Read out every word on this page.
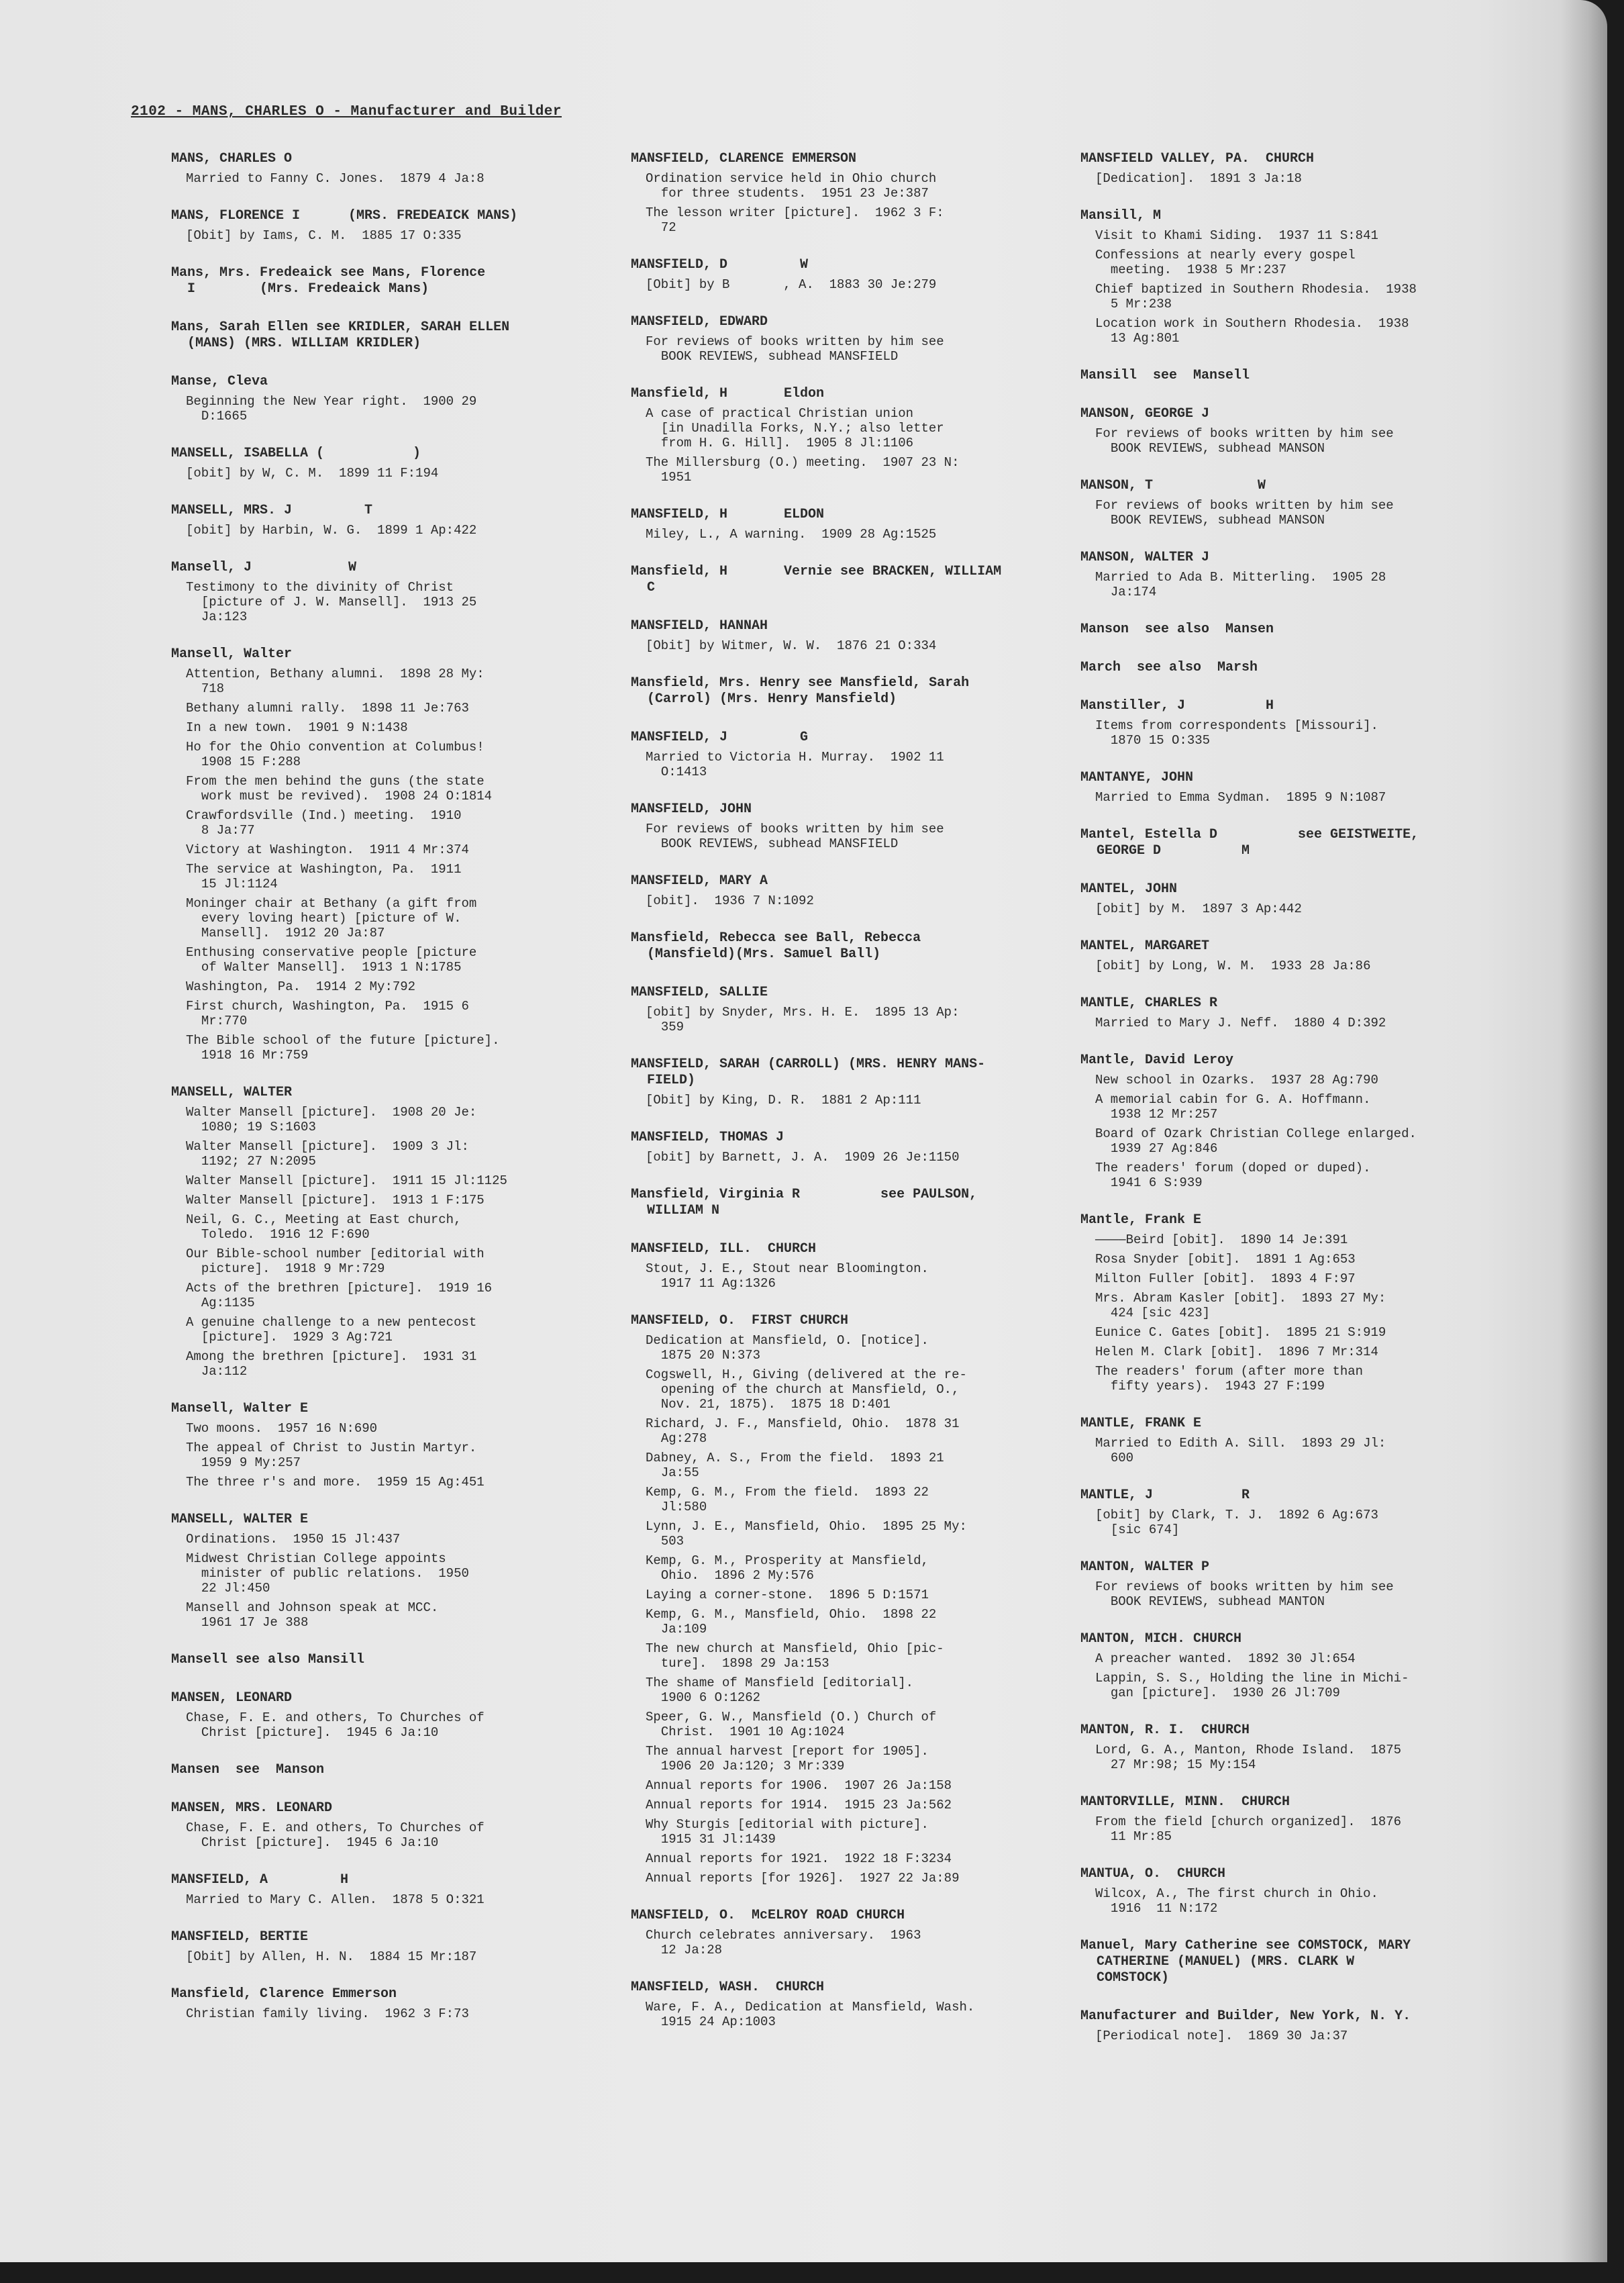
2102 - MANS, CHARLES O - Manufacturer and Builder
MANS, CHARLES O
Married to Fanny C. Jones.  1879 4 Ja:8
MANS, FLORENCE I      (MRS. FREDEAICK MANS)
[Obit] by Iams, C. M.  1885 17 O:335
Mans, Mrs. Fredeaick see Mans, Florence
I        (Mrs. Fredeaick Mans)
Mans, Sarah Ellen see KRIDLER, SARAH ELLEN
(MANS) (MRS. WILLIAM KRIDLER)
Manse, Cleva
Beginning the New Year right.  1900 29
D:1665
MANSELL, ISABELLA (           )
[obit] by W, C. M.  1899 11 F:194
MANSELL, MRS. J         T
[obit] by Harbin, W. G.  1899 1 Ap:422
Mansell, J            W
Testimony to the divinity of Christ
[picture of J. W. Mansell].  1913 25
Ja:123
Mansell, Walter
Attention, Bethany alumni.  1898 28 My:
718
Bethany alumni rally.  1898 11 Je:763
In a new town.  1901 9 N:1438
Ho for the Ohio convention at Columbus!
1908 15 F:288
From the men behind the guns (the state
work must be revived).  1908 24 O:1814
Crawfordsville (Ind.) meeting.  1910
8 Ja:77
Victory at Washington.  1911 4 Mr:374
The service at Washington, Pa.  1911
15 Jl:1124
Moninger chair at Bethany (a gift from
every loving heart) [picture of W.
Mansell].  1912 20 Ja:87
Enthusing conservative people [picture
of Walter Mansell].  1913 1 N:1785
Washington, Pa.  1914 2 My:792
First church, Washington, Pa.  1915 6
Mr:770
The Bible school of the future [picture].
1918 16 Mr:759
MANSELL, WALTER
Walter Mansell [picture].  1908 20 Je:
1080; 19 S:1603
Walter Mansell [picture].  1909 3 Jl:
1192; 27 N:2095
Walter Mansell [picture].  1911 15 Jl:1125
Walter Mansell [picture].  1913 1 F:175
Neil, G. C., Meeting at East church,
Toledo.  1916 12 F:690
Our Bible-school number [editorial with
picture].  1918 9 Mr:729
Acts of the brethren [picture].  1919 16
Ag:1135
A genuine challenge to a new pentecost
[picture].  1929 3 Ag:721
Among the brethren [picture].  1931 31
Ja:112
Mansell, Walter E
Two moons.  1957 16 N:690
The appeal of Christ to Justin Martyr.
1959 9 My:257
The three r's and more.  1959 15 Ag:451
MANSELL, WALTER E
Ordinations.  1950 15 Jl:437
Midwest Christian College appoints
minister of public relations.  1950
22 Jl:450
Mansell and Johnson speak at MCC.
1961 17 Je 388
Mansell see also Mansill
MANSEN, LEONARD
Chase, F. E. and others, To Churches of
Christ [picture].  1945 6 Ja:10
Mansen  see  Manson
MANSEN, MRS. LEONARD
Chase, F. E. and others, To Churches of
Christ [picture].  1945 6 Ja:10
MANSFIELD, A         H
Married to Mary C. Allen.  1878 5 O:321
MANSFIELD, BERTIE
[Obit] by Allen, H. N.  1884 15 Mr:187
Mansfield, Clarence Emmerson
Christian family living.  1962 3 F:73
MANSFIELD, CLARENCE EMMERSON
Ordination service held in Ohio church
for three students.  1951 23 Je:387
The lesson writer [picture].  1962 3 F:
72
MANSFIELD, D         W
[Obit] by B       , A.  1883 30 Je:279
MANSFIELD, EDWARD
For reviews of books written by him see
BOOK REVIEWS, subhead MANSFIELD
Mansfield, H       Eldon
A case of practical Christian union
[in Unadilla Forks, N.Y.; also letter
from H. G. Hill].  1905 8 Jl:1106
The Millersburg (O.) meeting.  1907 23 N:
1951
MANSFIELD, H       ELDON
Miley, L., A warning.  1909 28 Ag:1525
Mansfield, H       Vernie see BRACKEN, WILLIAM
C
MANSFIELD, HANNAH
[Obit] by Witmer, W. W.  1876 21 O:334
Mansfield, Mrs. Henry see Mansfield, Sarah
(Carrol) (Mrs. Henry Mansfield)
MANSFIELD, J         G
Married to Victoria H. Murray.  1902 11
O:1413
MANSFIELD, JOHN
For reviews of books written by him see
BOOK REVIEWS, subhead MANSFIELD
MANSFIELD, MARY A
[obit].  1936 7 N:1092
Mansfield, Rebecca see Ball, Rebecca
(Mansfield)(Mrs. Samuel Ball)
MANSFIELD, SALLIE
[obit] by Snyder, Mrs. H. E.  1895 13 Ap:
359
MANSFIELD, SARAH (CARROLL) (MRS. HENRY MANS-
FIELD)
[Obit] by King, D. R.  1881 2 Ap:111
MANSFIELD, THOMAS J
[obit] by Barnett, J. A.  1909 26 Je:1150
Mansfield, Virginia R          see PAULSON,
WILLIAM N
MANSFIELD, ILL.  CHURCH
Stout, J. E., Stout near Bloomington.
1917 11 Ag:1326
MANSFIELD, O.  FIRST CHURCH
Dedication at Mansfield, O. [notice].
1875 20 N:373
Cogswell, H., Giving (delivered at the re-
opening of the church at Mansfield, O.,
Nov. 21, 1875).  1875 18 D:401
Richard, J. F., Mansfield, Ohio.  1878 31
Ag:278
Dabney, A. S., From the field.  1893 21
Ja:55
Kemp, G. M., From the field.  1893 22
Jl:580
Lynn, J. E., Mansfield, Ohio.  1895 25 My:
503
Kemp, G. M., Prosperity at Mansfield,
Ohio.  1896 2 My:576
Laying a corner-stone.  1896 5 D:1571
Kemp, G. M., Mansfield, Ohio.  1898 22
Ja:109
The new church at Mansfield, Ohio [pic-
ture].  1898 29 Ja:153
The shame of Mansfield [editorial].
1900 6 O:1262
Speer, G. W., Mansfield (O.) Church of
Christ.  1901 10 Ag:1024
The annual harvest [report for 1905].
1906 20 Ja:120; 3 Mr:339
Annual reports for 1906.  1907 26 Ja:158
Annual reports for 1914.  1915 23 Ja:562
Why Sturgis [editorial with picture].
1915 31 Jl:1439
Annual reports for 1921.  1922 18 F:3234
Annual reports [for 1926].  1927 22 Ja:89
MANSFIELD, O.  McELROY ROAD CHURCH
Church celebrates anniversary.  1963
12 Ja:28
MANSFIELD, WASH.  CHURCH
Ware, F. A., Dedication at Mansfield, Wash.
1915 24 Ap:1003
MANSFIELD VALLEY, PA.  CHURCH
[Dedication].  1891 3 Ja:18
Mansill, M
Visit to Khami Siding.  1937 11 S:841
Confessions at nearly every gospel
meeting.  1938 5 Mr:237
Chief baptized in Southern Rhodesia.  1938
5 Mr:238
Location work in Southern Rhodesia.  1938
13 Ag:801
Mansill  see  Mansell
MANSON, GEORGE J
For reviews of books written by him see
BOOK REVIEWS, subhead MANSON
MANSON, T             W
For reviews of books written by him see
BOOK REVIEWS, subhead MANSON
MANSON, WALTER J
Married to Ada B. Mitterling.  1905 28
Ja:174
Manson  see also  Mansen
March  see also  Marsh
Manstiller, J          H
Items from correspondents [Missouri].
1870 15 O:335
MANTANYE, JOHN
Married to Emma Sydman.  1895 9 N:1087
Mantel, Estella D          see GEISTWEITE,
GEORGE D          M
MANTEL, JOHN
[obit] by M.  1897 3 Ap:442
MANTEL, MARGARET
[obit] by Long, W. M.  1933 28 Ja:86
MANTLE, CHARLES R
Married to Mary J. Neff.  1880 4 D:392
Mantle, David Leroy
New school in Ozarks.  1937 28 Ag:790
A memorial cabin for G. A. Hoffmann.
1938 12 Mr:257
Board of Ozark Christian College enlarged.
1939 27 Ag:846
The readers' forum (doped or duped).
1941 6 S:939
Mantle, Frank E
————Beird [obit].  1890 14 Je:391
Rosa Snyder [obit].  1891 1 Ag:653
Milton Fuller [obit].  1893 4 F:97
Mrs. Abram Kasler [obit].  1893 27 My:
424 [sic 423]
Eunice C. Gates [obit].  1895 21 S:919
Helen M. Clark [obit].  1896 7 Mr:314
The readers' forum (after more than
fifty years).  1943 27 F:199
MANTLE, FRANK E
Married to Edith A. Sill.  1893 29 Jl:
600
MANTLE, J           R
[obit] by Clark, T. J.  1892 6 Ag:673
[sic 674]
MANTON, WALTER P
For reviews of books written by him see
BOOK REVIEWS, subhead MANTON
MANTON, MICH. CHURCH
A preacher wanted.  1892 30 Jl:654
Lappin, S. S., Holding the line in Michi-
gan [picture].  1930 26 Jl:709
MANTON, R. I.  CHURCH
Lord, G. A., Manton, Rhode Island.  1875
27 Mr:98; 15 My:154
MANTORVILLE, MINN.  CHURCH
From the field [church organized].  1876
11 Mr:85
MANTUA, O.  CHURCH
Wilcox, A., The first church in Ohio.
1916  11 N:172
Manuel, Mary Catherine see COMSTOCK, MARY
CATHERINE (MANUEL) (MRS. CLARK W
COMSTOCK)
Manufacturer and Builder, New York, N. Y.
[Periodical note].  1869 30 Ja:37
